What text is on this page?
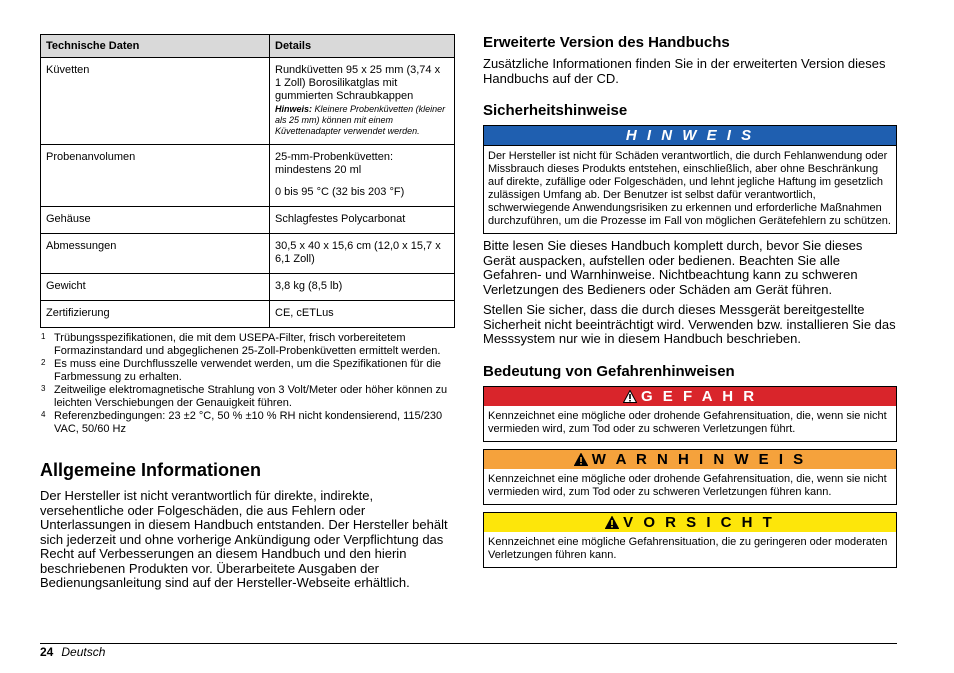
Technische Daten	Details
Küvetten	Rundküvetten 95 x 25 mm (3,74 x 1 Zoll) Borosilikatglas mit gummierten Schraubkappen
Hinweis: Kleinere Probenküvetten (kleiner als 25 mm) können mit einem Küvettenadapter verwendet werden.

Probenanvolumen	25-mm-Probenküvetten: mindestens 20 ml
0 bis 95 °C (32 bis 203 °F)

Gehäuse	Schlagfestes Polycarbonat
Abmessungen	30,5 x 40 x 15,6 cm (12,0 x 15,7 x 6,1 Zoll)
Gewicht	3,8 kg (8,5 lb)
Zertifizierung	CE, cETLus
1 Trübungsspezifikationen, die mit dem USEPA-Filter, frisch vorbereitetem Formazinstandard und abgeglichenen 25-Zoll-Probenküvetten ermittelt werden.
2 Es muss eine Durchflusszelle verwendet werden, um die Spezifikationen für die Farbmessung zu erhalten.
3 Zeitweilige elektromagnetische Strahlung von 3 Volt/Meter oder höher können zu leichten Verschiebungen der Genauigkeit führen.
4 Referenzbedingungen: 23 ±2 °C, 50 % ±10 % RH nicht kondensierend, 115/230 VAC, 50/60 Hz
Allgemeine Informationen

Der Hersteller ist nicht verantwortlich für direkte, indirekte, versehentliche oder Folgeschäden, die aus Fehlern oder Unterlassungen in diesem Handbuch entstanden. Der Hersteller behält sich jederzeit und ohne vorherige Ankündigung oder Verpflichtung das Recht auf Verbesserungen an diesem Handbuch und den hierin beschriebenen Produkten vor. Überarbeitete Ausgaben der Bedienungsanleitung sind auf der Hersteller-Webseite erhältlich.

Erweiterte Version des Handbuchs

Zusätzliche Informationen finden Sie in der erweiterten Version dieses Handbuchs auf der CD.

Sicherheitshinweise
H I N W E I S
Der Hersteller ist nicht für Schäden verantwortlich, die durch Fehlanwendung oder Missbrauch dieses Produkts entstehen, einschließlich, aber ohne Beschränkung auf direkte, zufällige oder Folgeschäden, und lehnt jegliche Haftung im gesetzlich zulässigen Umfang ab. Der Benutzer ist selbst dafür verantwortlich, schwerwiegende Anwendungsrisiken zu erkennen und erforderliche Maßnahmen durchzuführen, um die Prozesse im Fall von möglichen Gerätefehlern zu schützen.

Bitte lesen Sie dieses Handbuch komplett durch, bevor Sie dieses Gerät auspacken, aufstellen oder bedienen. Beachten Sie alle Gefahren- und Warnhinweise. Nichtbeachtung kann zu schweren Verletzungen des Bedieners oder Schäden am Gerät führen.

Stellen Sie sicher, dass die durch dieses Messgerät bereitgestellte Sicherheit nicht beeinträchtigt wird. Verwenden bzw. installieren Sie das Messsystem nur wie in diesem Handbuch beschrieben.

Bedeutung von Gefahrenhinweisen
G E F A H R
Kennzeichnet eine mögliche oder drohende Gefahrensituation, die, wenn sie nicht vermieden wird, zum Tod oder zu schweren Verletzungen führt.
W A R N H I N W E I S
Kennzeichnet eine mögliche oder drohende Gefahrensituation, die, wenn sie nicht vermieden wird, zum Tod oder zu schweren Verletzungen führen kann.
V O R S I C H T
Kennzeichnet eine mögliche Gefahrensituation, die zu geringeren oder moderaten Verletzungen führen kann.
24 Deutsch
